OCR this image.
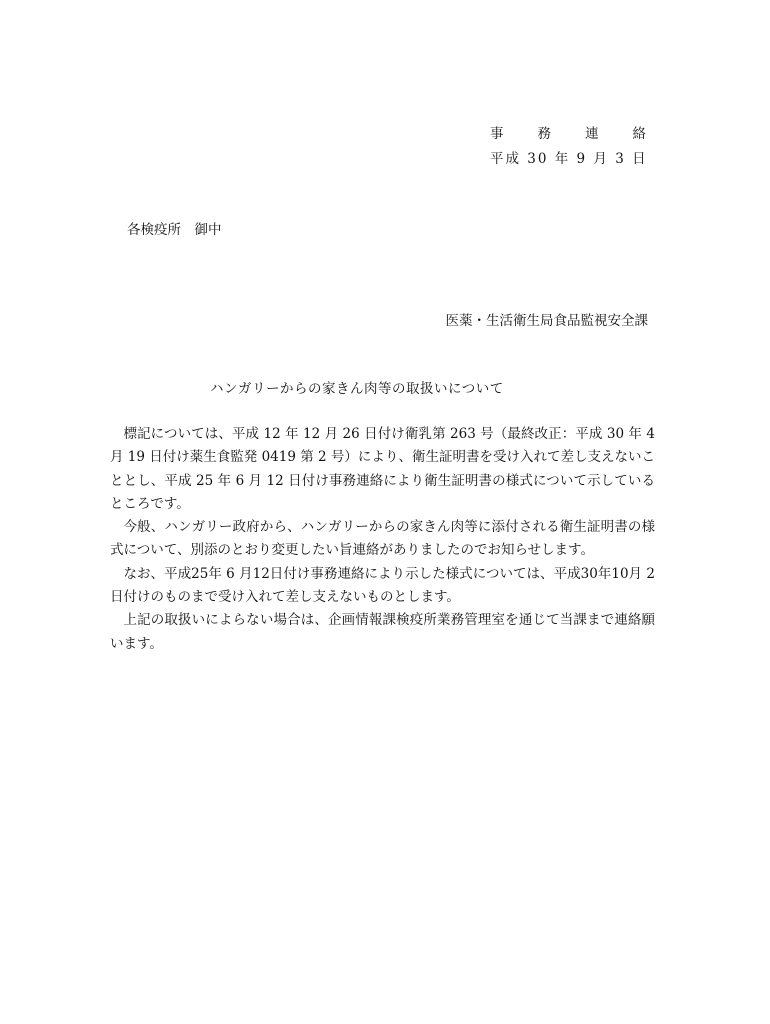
事	務	連	絡
平成 30 年 9 月 3 日
各検疫所　御中
医薬・生活衛生局食品監視安全課
ハンガリーからの家きん肉等の取扱いについて

標記については、平成 12 年 12 月 26 日付け衛乳第 263 号（最終改正：平成 30 年 4 月 19 日付け薬生食監発 0419 第 2 号）により、衛生証明書を受け入れて差し支えないこととし、平成 25 年 6 月 12 日付け事務連絡により衛生証明書の様式について示しているところです。

今般、ハンガリー政府から、ハンガリーからの家きん肉等に添付される衛生証明書の様式について、別添のとおり変更したい旨連絡がありましたのでお知らせします。

なお、平成25年 6 月12日付け事務連絡により示した様式については、平成30年10月 2 日付けのものまで受け入れて差し支えないものとします。

上記の取扱いによらない場合は、企画情報課検疫所業務管理室を通じて当課まで連絡願います。
